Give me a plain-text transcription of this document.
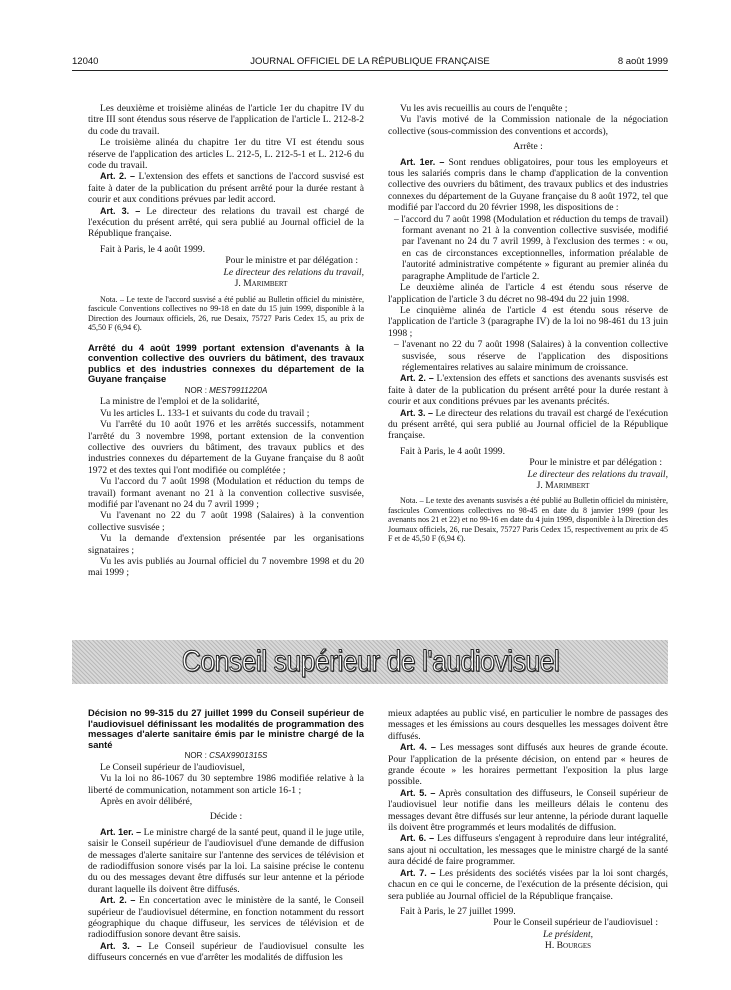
12040	JOURNAL OFFICIEL DE LA RÉPUBLIQUE FRANÇAISE	8 août 1999

Les deuxième et troisième alinéas de l'article 1er du chapitre IV du titre III sont étendus sous réserve de l'application de l'article L. 212-8-2 du code du travail.

Le troisième alinéa du chapitre 1er du titre VI est étendu sous réserve de l'application des articles L. 212-5, L. 212-5-1 et L. 212-6 du code du travail.

Art. 2. – L'extension des effets et sanctions de l'accord susvisé est faite à dater de la publication du présent arrêté pour la durée restant à courir et aux conditions prévues par ledit accord.

Art. 3. – Le directeur des relations du travail est chargé de l'exécution du présent arrêté, qui sera publié au Journal officiel de la République française.

Fait à Paris, le 4 août 1999.

Pour le ministre et par délégation :

Le directeur des relations du travail,

J. Marimbert

Nota. – Le texte de l'accord susvisé a été publié au Bulletin officiel du ministère, fascicule Conventions collectives no 99-18 en date du 15 juin 1999, disponible à la Direction des Journaux officiels, 26, rue Desaix, 75727 Paris Cedex 15, au prix de 45,50 F (6,94 €).

Arrêté du 4 août 1999 portant extension d'avenants à la convention collective des ouvriers du bâtiment, des travaux publics et des industries connexes du département de la Guyane française

NOR : MEST9911220A

La ministre de l'emploi et de la solidarité,

Vu les articles L. 133-1 et suivants du code du travail ;

Vu l'arrêté du 10 août 1976 et les arrêtés successifs, notamment l'arrêté du 3 novembre 1998, portant extension de la convention collective des ouvriers du bâtiment, des travaux publics et des industries connexes du département de la Guyane française du 8 août 1972 et des textes qui l'ont modifiée ou complétée ;

Vu l'accord du 7 août 1998 (Modulation et réduction du temps de travail) formant avenant no 21 à la convention collective susvisée, modifié par l'avenant no 24 du 7 avril 1999 ;

Vu l'avenant no 22 du 7 août 1998 (Salaires) à la convention collective susvisée ;

Vu la demande d'extension présentée par les organisations signataires ;

Vu les avis publiés au Journal officiel du 7 novembre 1998 et du 20 mai 1999 ;

Vu les avis recueillis au cours de l'enquête ;

Vu l'avis motivé de la Commission nationale de la négociation collective (sous-commission des conventions et accords),

Arrête :

Art. 1er. – Sont rendues obligatoires, pour tous les employeurs et tous les salariés compris dans le champ d'application de la convention collective des ouvriers du bâtiment, des travaux publics et des industries connexes du département de la Guyane française du 8 août 1972, tel que modifié par l'accord du 20 février 1998, les dispositions de :

– l'accord du 7 août 1998 (Modulation et réduction du temps de travail) formant avenant no 21 à la convention collective susvisée, modifié par l'avenant no 24 du 7 avril 1999, à l'exclusion des termes : « ou, en cas de circonstances exceptionnelles, information préalable de l'autorité administrative compétente » figurant au premier alinéa du paragraphe Amplitude de l'article 2.

Le deuxième alinéa de l'article 4 est étendu sous réserve de l'application de l'article 3 du décret no 98-494 du 22 juin 1998.

Le cinquième alinéa de l'article 4 est étendu sous réserve de l'application de l'article 3 (paragraphe IV) de la loi no 98-461 du 13 juin 1998 ;

– l'avenant no 22 du 7 août 1998 (Salaires) à la convention collective susvisée, sous réserve de l'application des dispositions réglementaires relatives au salaire minimum de croissance.

Art. 2. – L'extension des effets et sanctions des avenants susvisés est faite à dater de la publication du présent arrêté pour la durée restant à courir et aux conditions prévues par les avenants précités.

Art. 3. – Le directeur des relations du travail est chargé de l'exécution du présent arrêté, qui sera publié au Journal officiel de la République française.

Fait à Paris, le 4 août 1999.

Pour le ministre et par délégation :

Le directeur des relations du travail,

J. Marimbert

Nota. – Le texte des avenants susvisés a été publié au Bulletin officiel du ministère, fascicules Conventions collectives no 98-45 en date du 8 janvier 1999 (pour les avenants nos 21 et 22) et no 99-16 en date du 4 juin 1999, disponible à la Direction des Journaux officiels, 26, rue Desaix, 75727 Paris Cedex 15, respectivement au prix de 45 F et de 45,50 F (6,94 €).

Conseil supérieur de l'audiovisuel

Décision no 99-315 du 27 juillet 1999 du Conseil supérieur de l'audiovisuel définissant les modalités de programmation des messages d'alerte sanitaire émis par le ministre chargé de la santé

NOR : CSAX9901315S

Le Conseil supérieur de l'audiovisuel,

Vu la loi no 86-1067 du 30 septembre 1986 modifiée relative à la liberté de communication, notamment son article 16-1 ;

Après en avoir délibéré,

Décide :

Art. 1er. – Le ministre chargé de la santé peut, quand il le juge utile, saisir le Conseil supérieur de l'audiovisuel d'une demande de diffusion de messages d'alerte sanitaire sur l'antenne des services de télévision et de radiodiffusion sonore visés par la loi. La saisine précise le contenu du ou des messages devant être diffusés sur leur antenne et la période durant laquelle ils doivent être diffusés.

Art. 2. – En concertation avec le ministère de la santé, le Conseil supérieur de l'audiovisuel détermine, en fonction notamment du ressort géographique du chaque diffuseur, les services de télévision et de radiodiffusion sonore devant être saisis.

Art. 3. – Le Conseil supérieur de l'audiovisuel consulte les diffuseurs concernés en vue d'arrêter les modalités de diffusion les

mieux adaptées au public visé, en particulier le nombre de passages des messages et les émissions au cours desquelles les messages doivent être diffusés.

Art. 4. – Les messages sont diffusés aux heures de grande écoute. Pour l'application de la présente décision, on entend par « heures de grande écoute » les horaires permettant l'exposition la plus large possible.

Art. 5. – Après consultation des diffuseurs, le Conseil supérieur de l'audiovisuel leur notifie dans les meilleurs délais le contenu des messages devant être diffusés sur leur antenne, la période durant laquelle ils doivent être programmés et leurs modalités de diffusion.

Art. 6. – Les diffuseurs s'engagent à reproduire dans leur intégralité, sans ajout ni occultation, les messages que le ministre chargé de la santé aura décidé de faire programmer.

Art. 7. – Les présidents des sociétés visées par la loi sont chargés, chacun en ce qui le concerne, de l'exécution de la présente décision, qui sera publiée au Journal officiel de la République française.

Fait à Paris, le 27 juillet 1999.

Pour le Conseil supérieur de l'audiovisuel :

Le président,

H. Bourges
